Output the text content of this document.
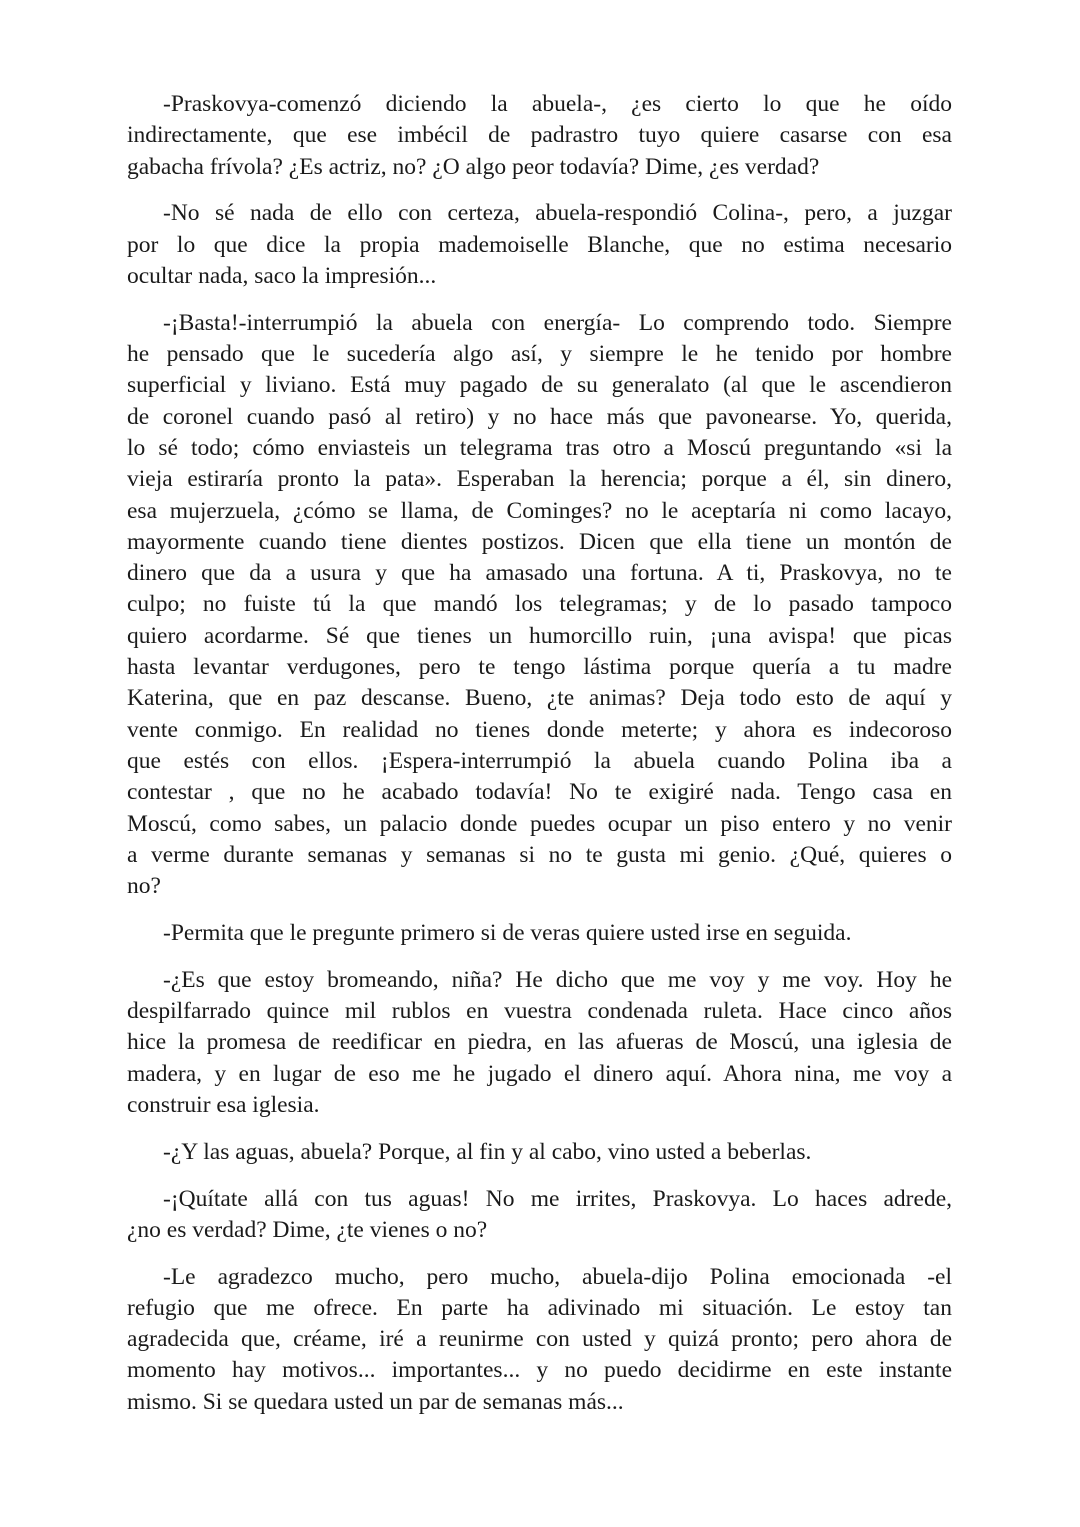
-Praskovya-comenzó diciendo la abuela-, ¿es cierto lo que he oído
indirectamente, que ese imbécil de padrastro tuyo quiere casarse con esa
gabacha frívola? ¿Es actriz, no? ¿O algo peor todavía? Dime, ¿es verdad?
-No sé nada de ello con certeza, abuela-respondió Colina-, pero, a juzgar
por lo que dice la propia mademoiselle Blanche, que no estima necesario
ocultar nada, saco la impresión...
-¡Basta!-interrumpió la abuela con energía- Lo comprendo todo. Siempre
he pensado que le sucedería algo así, y siempre le he tenido por hombre
superficial y liviano. Está muy pagado de su generalato (al que le ascendieron
de coronel cuando pasó al retiro) y no hace más que pavonearse. Yo, querida,
lo sé todo; cómo enviasteis un telegrama tras otro a Moscú preguntando «si la
vieja estiraría pronto la pata». Esperaban la herencia; porque a él, sin dinero,
esa mujerzuela, ¿cómo se llama, de Cominges? no le aceptaría ni como lacayo,
mayormente cuando tiene dientes postizos. Dicen que ella tiene un montón de
dinero que da a usura y que ha amasado una fortuna. A ti, Praskovya, no te
culpo; no fuiste tú la que mandó los telegramas; y de lo pasado tampoco
quiero acordarme. Sé que tienes un humorcillo ruin, ¡una avispa! que picas
hasta levantar verdugones, pero te tengo lástima porque quería a tu madre
Katerina, que en paz descanse. Bueno, ¿te animas? Deja todo esto de aquí y
vente conmigo. En realidad no tienes donde meterte; y ahora es indecoroso
que estés con ellos. ¡Espera-interrumpió la abuela cuando Polina iba a
contestar , que no he acabado todavía! No te exigiré nada. Tengo casa en
Moscú, como sabes, un palacio donde puedes ocupar un piso entero y no venir
a verme durante semanas y semanas si no te gusta mi genio. ¿Qué, quieres o
no?
-Permita que le pregunte primero si de veras quiere usted irse en seguida.
-¿Es que estoy bromeando, niña? He dicho que me voy y me voy. Hoy he
despilfarrado quince mil rublos en vuestra condenada ruleta. Hace cinco años
hice la promesa de reedificar en piedra, en las afueras de Moscú, una iglesia de
madera, y en lugar de eso me he jugado el dinero aquí. Ahora nina, me voy a
construir esa iglesia.
-¿Y las aguas, abuela? Porque, al fin y al cabo, vino usted a beberlas.
-¡Quítate allá con tus aguas! No me irrites, Praskovya. Lo haces adrede,
¿no es verdad? Dime, ¿te vienes o no?
-Le agradezco mucho, pero mucho, abuela-dijo Polina emocionada -el
refugio que me ofrece. En parte ha adivinado mi situación. Le estoy tan
agradecida que, créame, iré a reunirme con usted y quizá pronto; pero ahora de
momento hay motivos... importantes... y no puedo decidirme en este instante
mismo. Si se quedara usted un par de semanas más...
